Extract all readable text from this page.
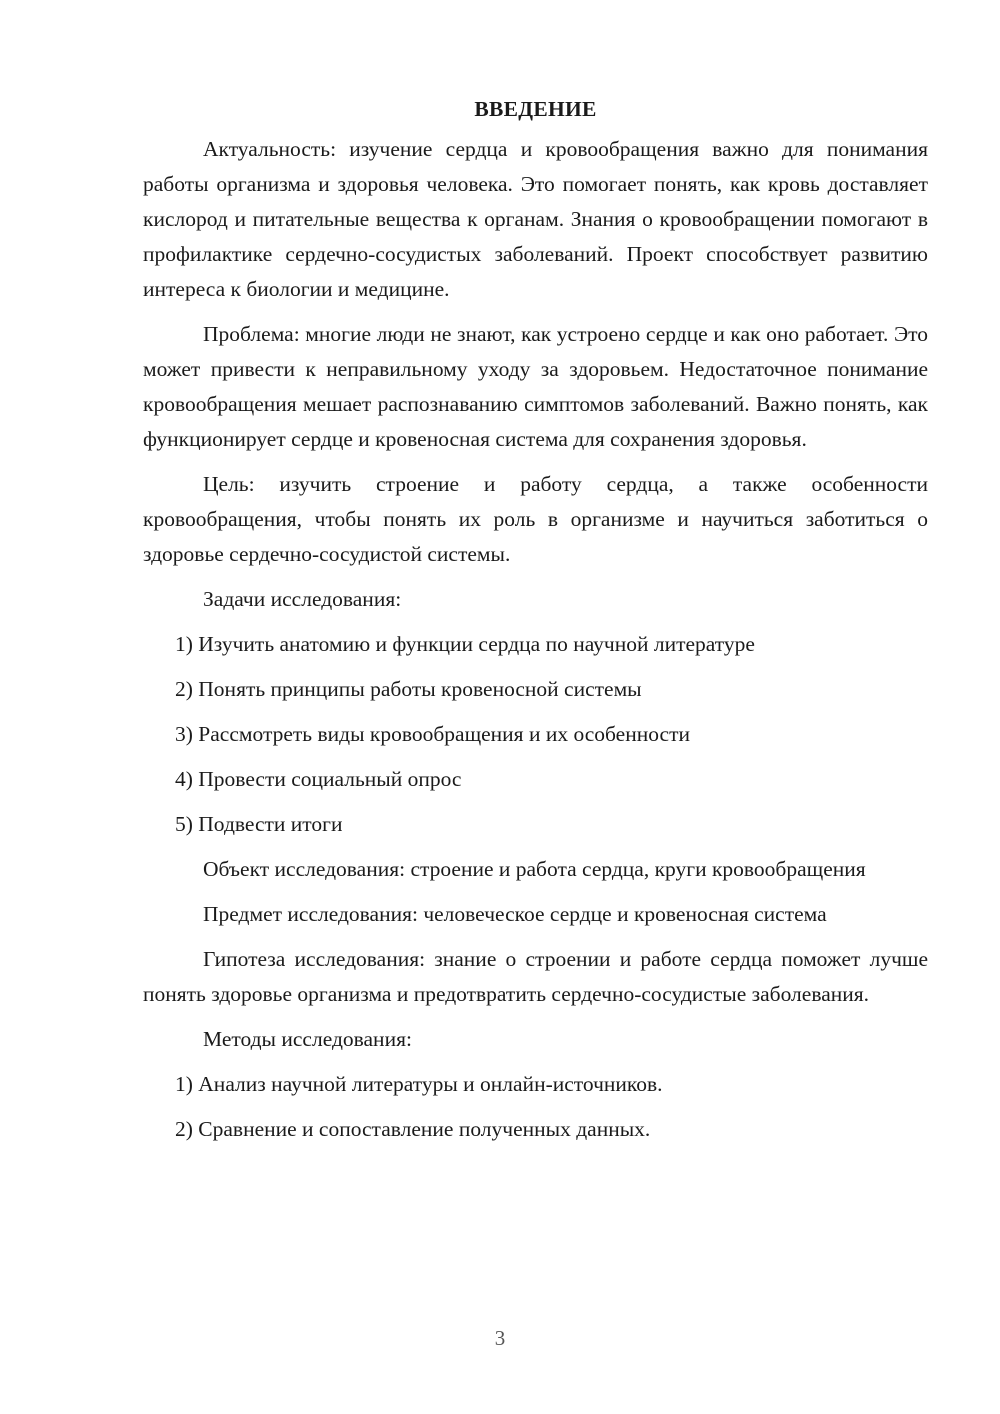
ВВЕДЕНИЕ

Актуальность: изучение сердца и кровообращения важно для понимания работы организма и здоровья человека. Это помогает понять, как кровь доставляет кислород и питательные вещества к органам. Знания о кровообращении помогают в профилактике сердечно-сосудистых заболеваний. Проект способствует развитию интереса к биологии и медицине.

Проблема: многие люди не знают, как устроено сердце и как оно работает. Это может привести к неправильному уходу за здоровьем. Недостаточное понимание кровообращения мешает распознаванию симптомов заболеваний. Важно понять, как функционирует сердце и кровеносная система для сохранения здоровья.

Цель: изучить строение и работу сердца, а также особенности кровообращения, чтобы понять их роль в организме и научиться заботиться о здоровье сердечно-сосудистой системы.

Задачи исследования:

1) Изучить анатомию и функции сердца по научной литературе
2) Понять принципы работы кровеносной системы
3) Рассмотреть виды кровообращения и их особенности
4) Провести социальный опрос
5) Подвести итоги

Объект исследования: строение и работа сердца, круги кровообращения

Предмет исследования: человеческое сердце и кровеносная система

Гипотеза исследования: знание о строении и работе сердца поможет лучше понять здоровье организма и предотвратить сердечно-сосудистые заболевания.

Методы исследования:

1) Анализ научной литературы и онлайн-источников.
2) Сравнение и сопоставление полученных данных.
3
